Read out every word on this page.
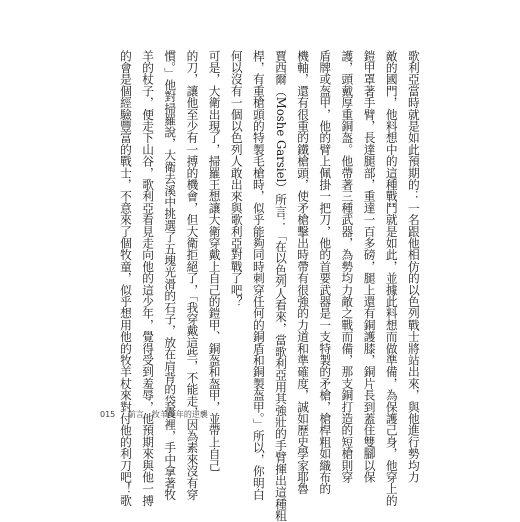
歌利亞當時就是如此預期的：一名跟他相仿的以色列戰士將站出來，與他進行勢均力
敵的國門，他料想中的這種戰鬥就是如此，並據此料想而做準備，為保護己身，他穿上的
鎧甲罩著手臂，長達腿部，重達一百多磅，腿上還有銅護膝，銅片長到蓋住雙腳以保
護，頭戴厚重銅盔。他帶著三種武器，為勢均力敵之戰而備，那支銅打造的短槍則穿
盾牌或盔甲，他的臂上佩掛一把刀，他的首要武器是一支特製的矛槍，槍桿粗如織布的
機軸，還有很重的鐵槍頭，使矛槍擊出時帶有很強的力道和準確度，誠如歷史學家耶魯
賈西爾（Moshe Garsiel）所言：「在以色列人看來，當歌利亞用其強壯的手臂揮出這種粗
桿，有重槍頭的特製毛槍時，似乎能夠同時刺穿任何的銅盾和銅製盔甲。」所以，你明白
何以沒有一個以色列人敢出來與歌利亞對戰了吧？
可是，大衛出現了，掃羅王想讓大衛穿戴上自己的鎧甲、銅盔和盔甲，並帶上自己
的刀，讓他至少有一搏的機會，但大衛拒絕了，「我穿戴這些，不能走，因為素來沒有穿
慣。」他對掃羅說，大衛去溪中挑選了五塊光滑的石子，放在肩背的袋囊裡，手中拿著牧
羊的杖子，便走下山谷，歌利亞看見走向他的這少年，覺得受到羞辱，他預期來與他一搏
的會是個經驗豐富的戰士，不意來了個牧童，似乎想用他的牧羊杖來對付他的利刀吧！歌
015 前言　牧羊少年的逆襲
